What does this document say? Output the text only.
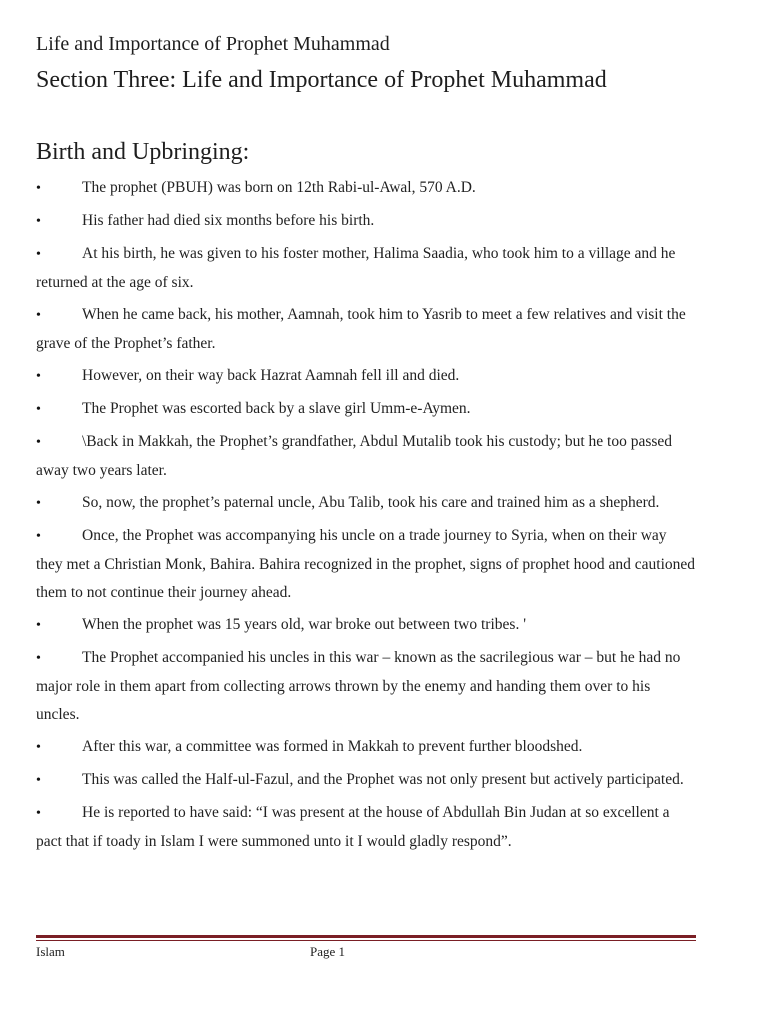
Life and Importance of Prophet Muhammad
Section Three: Life and Importance of Prophet Muhammad
Birth and Upbringing:
•	The prophet (PBUH) was born on 12th Rabi-ul-Awal, 570 A.D.
•	His father had died six months before his birth.
•	At his birth, he was given to his foster mother, Halima Saadia, who took him to a village and he returned at the age of six.
•	When he came back, his mother, Aamnah, took him to Yasrib to meet a few relatives and visit the grave of the Prophet’s father.
•	However, on their way back Hazrat Aamnah fell ill and died.
•	The Prophet was escorted back by a slave girl Umm-e-Aymen.
•	\Back in Makkah, the Prophet’s grandfather, Abdul Mutalib took his custody; but he too passed away two years later.
•	So, now, the prophet’s paternal uncle, Abu Talib, took his care and trained him as a shepherd.
•	Once, the Prophet was accompanying his uncle on a trade journey to Syria, when on their way they met a Christian Monk, Bahira. Bahira recognized in the prophet, signs of prophet hood and cautioned them to not continue their journey ahead.
•	When the prophet was 15 years old, war broke out between two tribes. '
•	The Prophet accompanied his uncles in this war – known as the sacrilegious war – but he had no major role in them apart from collecting arrows thrown by the enemy and handing them over to his uncles.
•	After this war, a committee was formed in Makkah to prevent further bloodshed.
•	This was called the Half-ul-Fazul, and the Prophet was not only present but actively participated.
•	He is reported to have said: “I was present at the house of Abdullah Bin Judan at so excellent a pact that if toady in Islam I were summoned unto it I would gladly respond”.
Islam	Page 1
